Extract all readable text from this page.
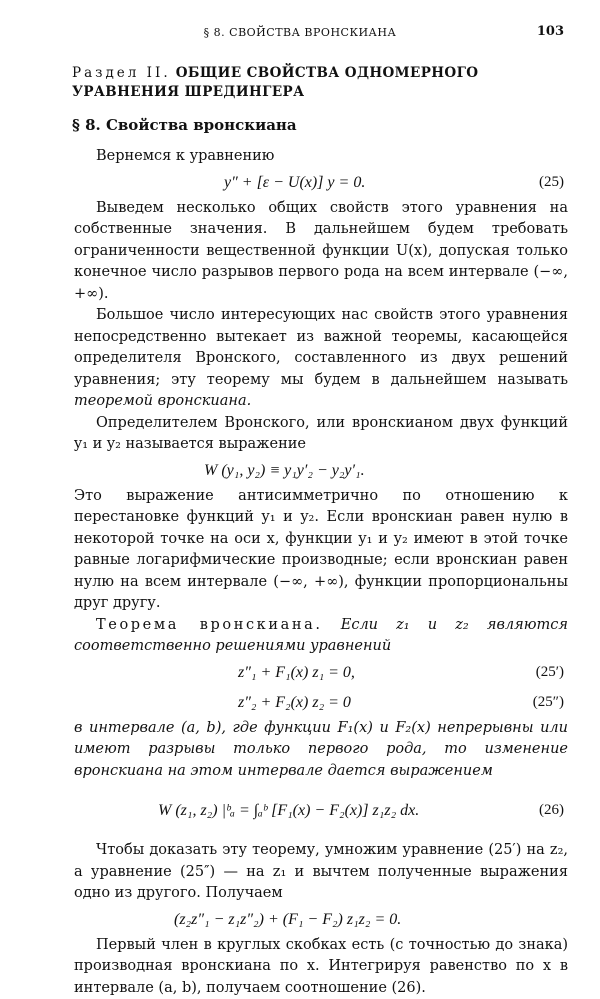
§ 8. СВОЙСТВА ВРОНСКИАНА	103
Раздел II. ОБЩИЕ СВОЙСТВА ОДНОМЕРНОГО УРАВНЕНИЯ ШРЕДИНГЕРА
§ 8. Свойства вронскиана

Вернемся к уравнению

y″ + [ε − U(x)] y = 0.	(25)

Выведем несколько общих свойств этого уравнения на собственные значения. В дальнейшем будем требовать ограниченности вещественной функции U(x), допуская только конечное число разрывов первого рода на всем интервале (−∞, +∞).

Большое число интересующих нас свойств этого уравнения непосредственно вытекает из важной теоремы, касающейся определителя Вронского, составленного из двух решений уравнения; эту теорему мы будем в дальнейшем называть теоремой вронскиана.

Определителем Вронского, или вронскианом двух функций y₁ и y₂ называется выражение

W (y₁, y₂) ≡ y₁y′₂ − y₂y′₁.

Это выражение антисимметрично по отношению к перестановке функций y₁ и y₂. Если вронскиан равен нулю в некоторой точке на оси x, функции y₁ и y₂ имеют в этой точке равные логарифмические производные; если вронскиан равен нулю на всем интервале (−∞, +∞), функции пропорциональны друг другу.

Теорема вронскиана. Если z₁ и z₂ являются соответственно решениями уравнений

z″₁ + F₁(x) z₁ = 0,	(25′)
z″₂ + F₂(x) z₂ = 0	(25″)

в интервале (a, b), где функции F₁(x) и F₂(x) непрерывны или имеют разрывы только первого рода, то изменение вронскиана на этом интервале дается выражением

W (z₁, z₂) |ᵇₐ = ∫ₐᵇ [F₁(x) − F₂(x)] z₁z₂ dx.	(26)

Чтобы доказать эту теорему, умножим уравнение (25′) на z₂, а уравнение (25″) — на z₁ и вычтем полученные выражения одно из другого. Получаем

(z₂z″₁ − z₁z″₂) + (F₁ − F₂) z₁z₂ = 0.

Первый член в круглых скобках есть (с точностью до знака) производная вронскиана по x. Интегрируя равенство по x в интервале (a, b), получаем соотношение (26).
